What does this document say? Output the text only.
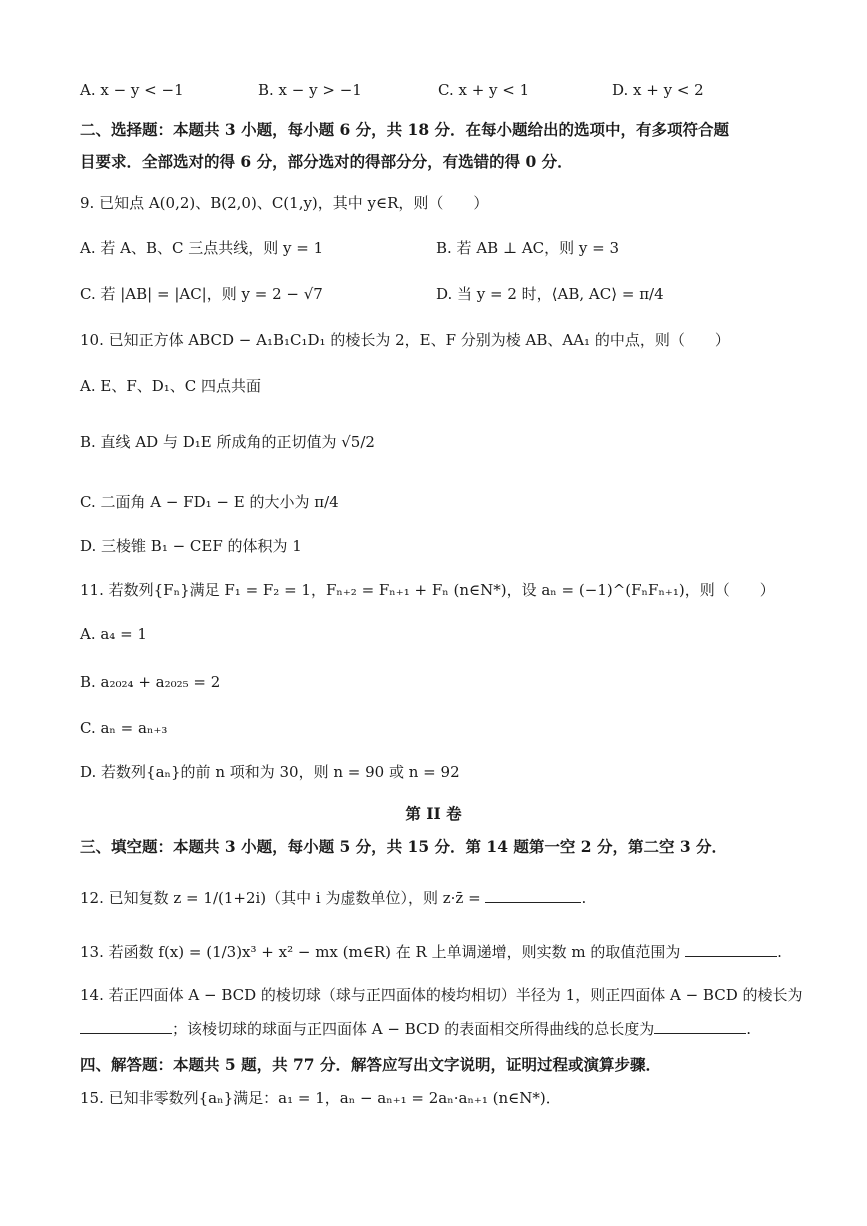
A. x − y < −1	B. x − y > −1	C. x + y < 1	D. x + y < 2
二、选择题：本题共 3 小题，每小题 6 分，共 18 分．在每小题给出的选项中，有多项符合题
目要求．全部选对的得 6 分，部分选对的得部分分，有选错的得 0 分．
9. 已知点 A(0,2)、B(2,0)、C(1,y)，其中 y∈R，则（　　）
A. 若 A、B、C 三点共线，则 y = 1	B. 若 AB ⊥ AC，则 y = 3
C. 若 |AB| = |AC|，则 y = 2 − √7	D. 当 y = 2 时，⟨AB, AC⟩ = π/4
10. 已知正方体 ABCD − A₁B₁C₁D₁ 的棱长为 2，E、F 分别为棱 AB、AA₁ 的中点，则（　　）
A. E、F、D₁、C 四点共面
B. 直线 AD 与 D₁E 所成角的正切值为 √5/2
C. 二面角 A − FD₁ − E 的大小为 π/4
D. 三棱锥 B₁ − CEF 的体积为 1
11. 若数列{Fₙ}满足 F₁ = F₂ = 1，Fₙ₊₂ = Fₙ₊₁ + Fₙ (n∈N*)，设 aₙ = (−1)^(FₙFₙ₊₁)，则（　　）
A. a₄ = 1
B. a₂₀₂₄ + a₂₀₂₅ = 2
C. aₙ = aₙ₊₃
D. 若数列{aₙ}的前 n 项和为 30，则 n = 90 或 n = 92
第 II 卷
三、填空题：本题共 3 小题，每小题 5 分，共 15 分．第 14 题第一空 2 分，第二空 3 分．
12. 已知复数 z = 1/(1+2i)（其中 i 为虚数单位），则 z·z̄ =	.
13. 若函数 f(x) = (1/3)x³ + x² − mx (m∈R) 在 R 上单调递增，则实数 m 的取值范围为	.
14. 若正四面体 A − BCD 的棱切球（球与正四面体的棱均相切）半径为 1，则正四面体 A − BCD 的棱长为
；该棱切球的球面与正四面体 A − BCD 的表面相交所得曲线的总长度为	.
四、解答题：本题共 5 题，共 77 分．解答应写出文字说明，证明过程或演算步骤．
15. 已知非零数列{aₙ}满足：a₁ = 1，aₙ − aₙ₊₁ = 2aₙ·aₙ₊₁ (n∈N*)．
